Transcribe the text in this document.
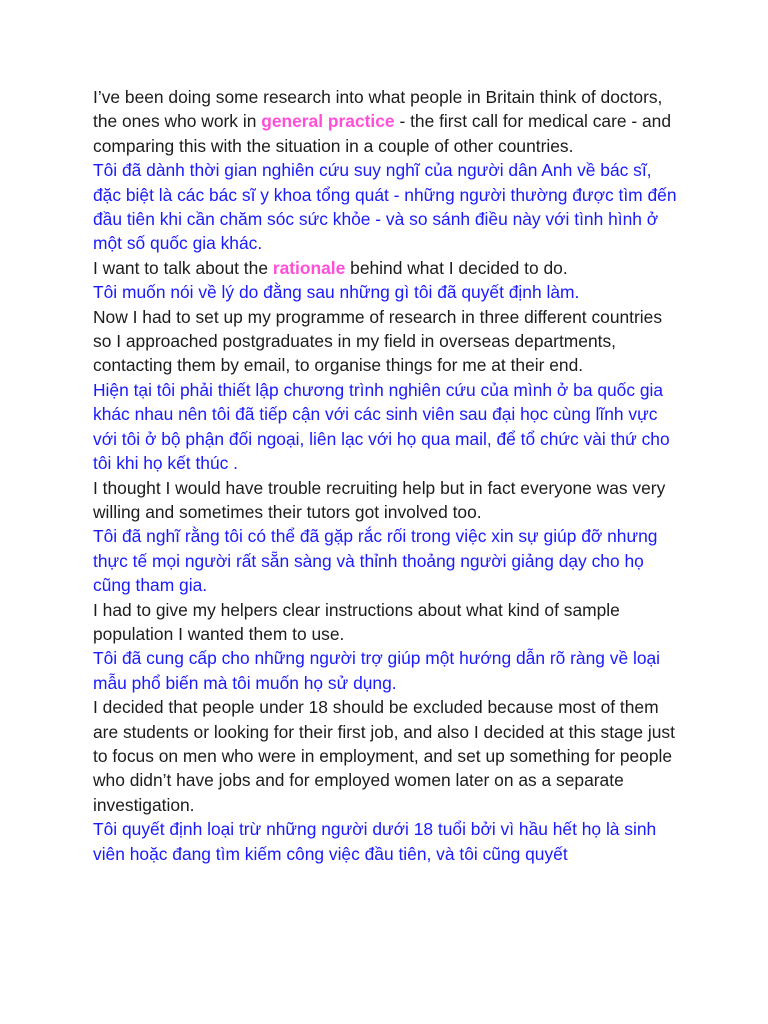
I’ve been doing some research into what people in Britain think of doctors, the ones who work in general practice - the first call for medical care - and comparing this with the situation in a couple of other countries.

Tôi đã dành thời gian nghiên cứu suy nghĩ của người dân Anh về bác sĩ, đặc biệt là các bác sĩ y khoa tổng quát - những người thường được tìm đến đầu tiên khi cần chăm sóc sức khỏe - và so sánh điều này với tình hình ở một số quốc gia khác.

I want to talk about the rationale behind what I decided to do.

Tôi muốn nói về lý do đằng sau những gì tôi đã quyết định làm.

Now I had to set up my programme of research in three different countries so I approached postgraduates in my field in overseas departments, contacting them by email, to organise things for me at their end.

Hiện tại tôi phải thiết lập chương trình nghiên cứu của mình ở ba quốc gia khác nhau nên tôi đã tiếp cận với các sinh viên sau đại học cùng lĩnh vực với tôi ở bộ phận đối ngoại, liên lạc với họ qua mail, để tổ chức vài thứ cho tôi khi họ kết thúc .

I thought I would have trouble recruiting help but in fact everyone was very willing and sometimes their tutors got involved too.

Tôi đã nghĩ rằng tôi có thể đã gặp rắc rối trong việc xin sự giúp đỡ nhưng thực tế mọi người rất sẵn sàng và thỉnh thoảng người giảng dạy cho họ cũng tham gia.

I had to give my helpers clear instructions about what kind of sample population I wanted them to use.

Tôi đã cung cấp cho những người trợ giúp một hướng dẫn rõ ràng về loại mẫu phổ biến mà tôi muốn họ sử dụng.

I decided that people under 18 should be excluded because most of them are students or looking for their first job, and also I decided at this stage just to focus on men who were in employment, and set up something for people who didn’t have jobs and for employed women later on as a separate investigation.

Tôi quyết định loại trừ những người dưới 18 tuổi bởi vì hầu hết họ là sinh viên hoặc đang tìm kiếm công việc đầu tiên, và tôi cũng quyết
